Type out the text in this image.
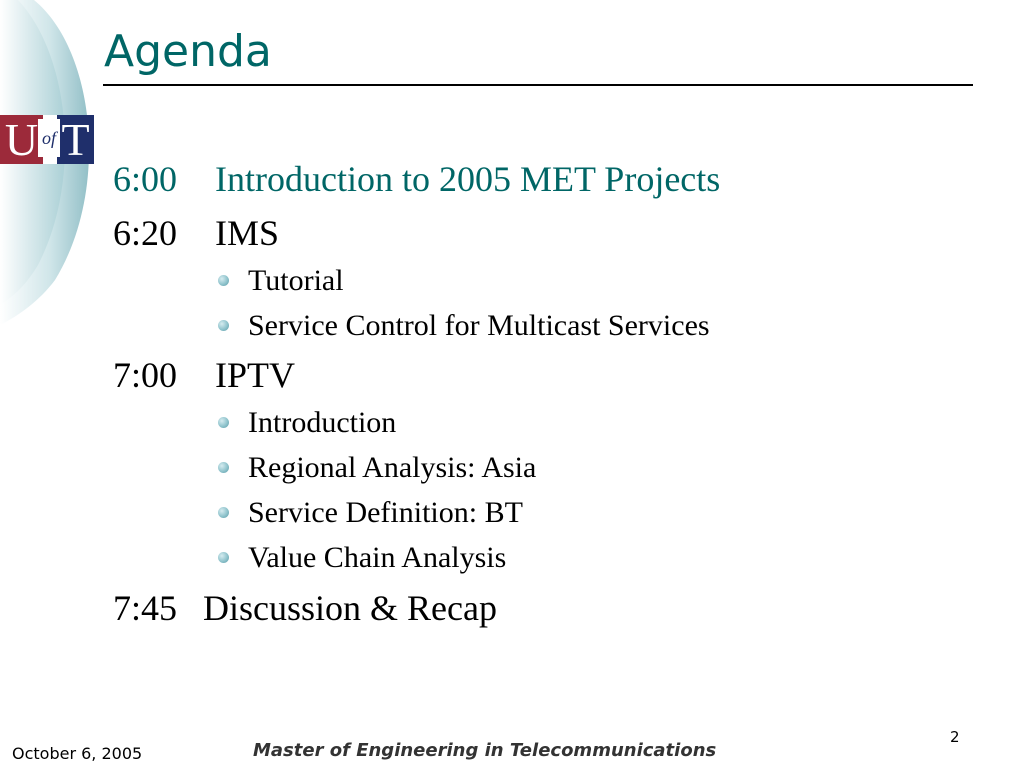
U T
of
Agenda
6:00 Introduction to 2005 MET Projects
6:20 IMS
Tutorial
Service Control for Multicast Services
7:00 IPTV
Introduction
Regional Analysis: Asia
Service Definition: BT
Value Chain Analysis
7:45 Discussion & Recap
October 6, 2005	Master of Engineering in Telecommunications
2
